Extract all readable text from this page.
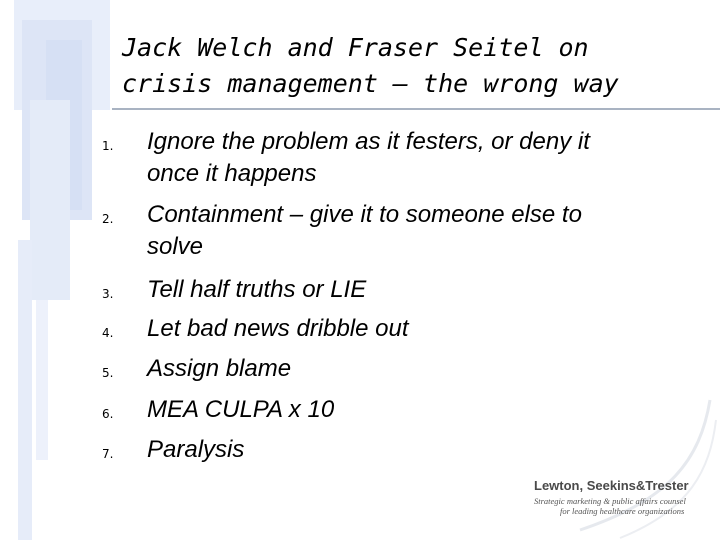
Jack Welch and Fraser Seitel on
crisis management – the wrong way
1. Ignore the problem as it festers, or deny it
once it happens
2. Containment – give it to someone else to
solve
3. Tell half truths or LIE
4. Let bad news dribble out
5. Assign blame
6. MEA CULPA x 10
7. Paralysis
Lewton, Seekins&Trester
Strategic marketing & public affairs counsel
for leading healthcare organizations
